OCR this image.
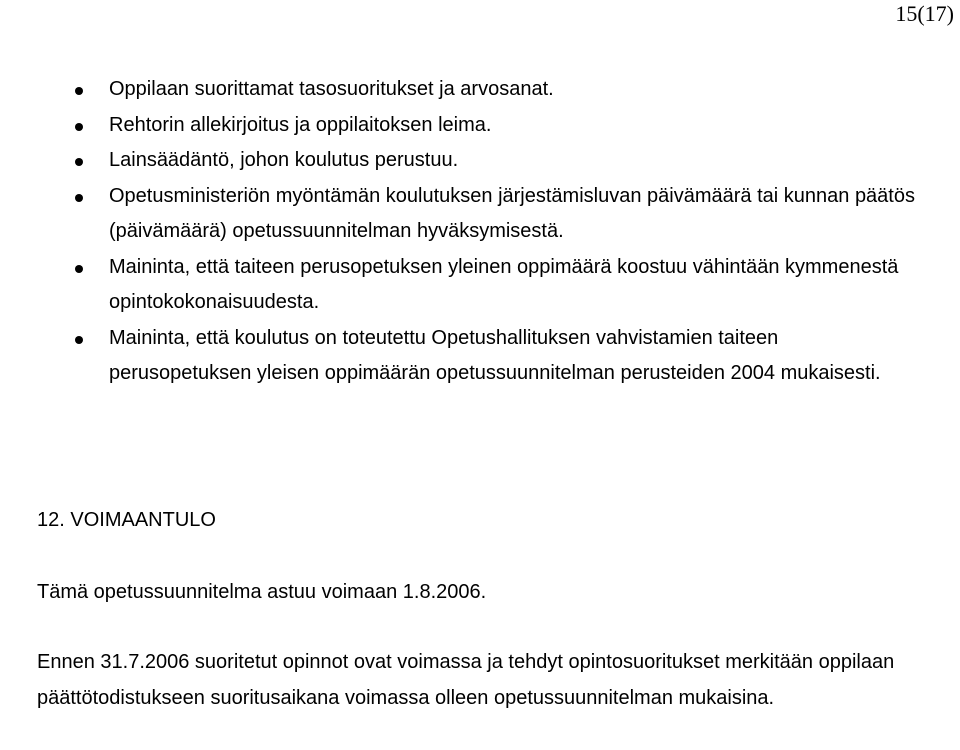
15(17)
Oppilaan suorittamat tasosuoritukset ja arvosanat.
Rehtorin allekirjoitus ja oppilaitoksen leima.
Lainsäädäntö, johon koulutus perustuu.
Opetusministeriön myöntämän koulutuksen järjestämisluvan päivämäärä tai kunnan päätös (päivämäärä) opetussuunnitelman hyväksymisestä.
Maininta, että taiteen perusopetuksen yleinen oppimäärä koostuu vähintään kymmenestä opintokokonaisuudesta.
Maininta, että koulutus on toteutettu Opetushallituksen vahvistamien taiteen perusopetuksen yleisen oppimäärän opetussuunnitelman perusteiden 2004 mukaisesti.
12. VOIMAANTULO

Tämä opetussuunnitelma astuu voimaan 1.8.2006.

Ennen 31.7.2006 suoritetut opinnot ovat voimassa ja tehdyt opintosuoritukset merkitään oppilaan päättötodistukseen suoritusaikana voimassa olleen opetussuunnitelman mukaisina.
